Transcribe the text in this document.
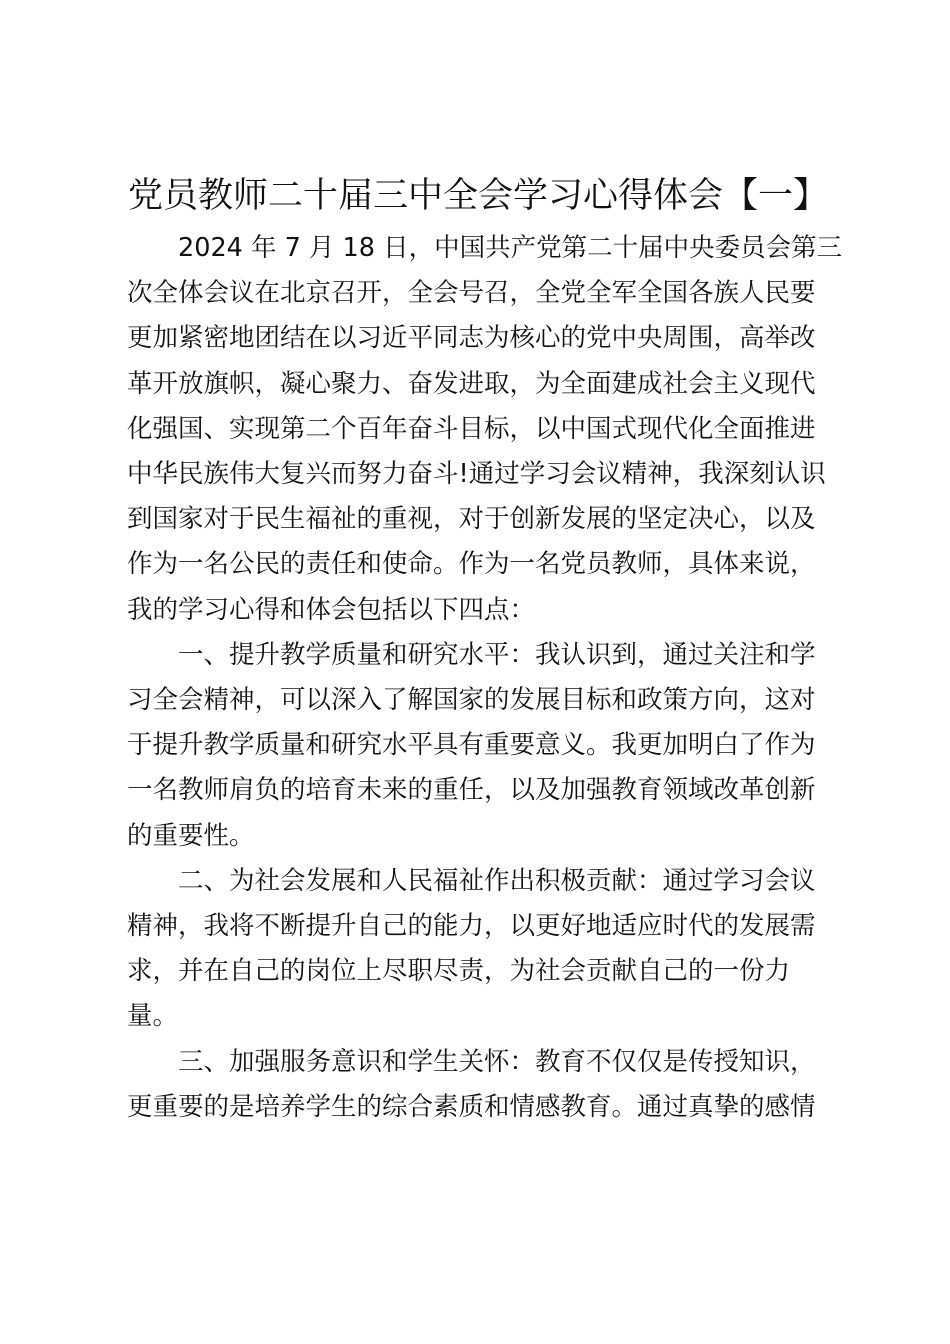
党员教师二十届三中全会学习心得体会【一】
2024 年 7 月 18 日，中国共产党第二十届中央委员会第三
次全体会议在北京召开，全会号召，全党全军全国各族人民要
更加紧密地团结在以习近平同志为核心的党中央周围，高举改
革开放旗帜，凝心聚力、奋发进取，为全面建成社会主义现代
化强国、实现第二个百年奋斗目标，以中国式现代化全面推进
中华民族伟大复兴而努力奋斗!通过学习会议精神，我深刻认识
到国家对于民生福祉的重视，对于创新发展的坚定决心，以及
作为一名公民的责任和使命。作为一名党员教师，具体来说，
我的学习心得和体会包括以下四点：
一、提升教学质量和研究水平：我认识到，通过关注和学
习全会精神，可以深入了解国家的发展目标和政策方向，这对
于提升教学质量和研究水平具有重要意义。我更加明白了作为
一名教师肩负的培育未来的重任，以及加强教育领域改革创新
的重要性。
二、为社会发展和人民福祉作出积极贡献：通过学习会议
精神，我将不断提升自己的能力，以更好地适应时代的发展需
求，并在自己的岗位上尽职尽责，为社会贡献自己的一份力
量。
三、加强服务意识和学生关怀：教育不仅仅是传授知识，
更重要的是培养学生的综合素质和情感教育。通过真挚的感情
